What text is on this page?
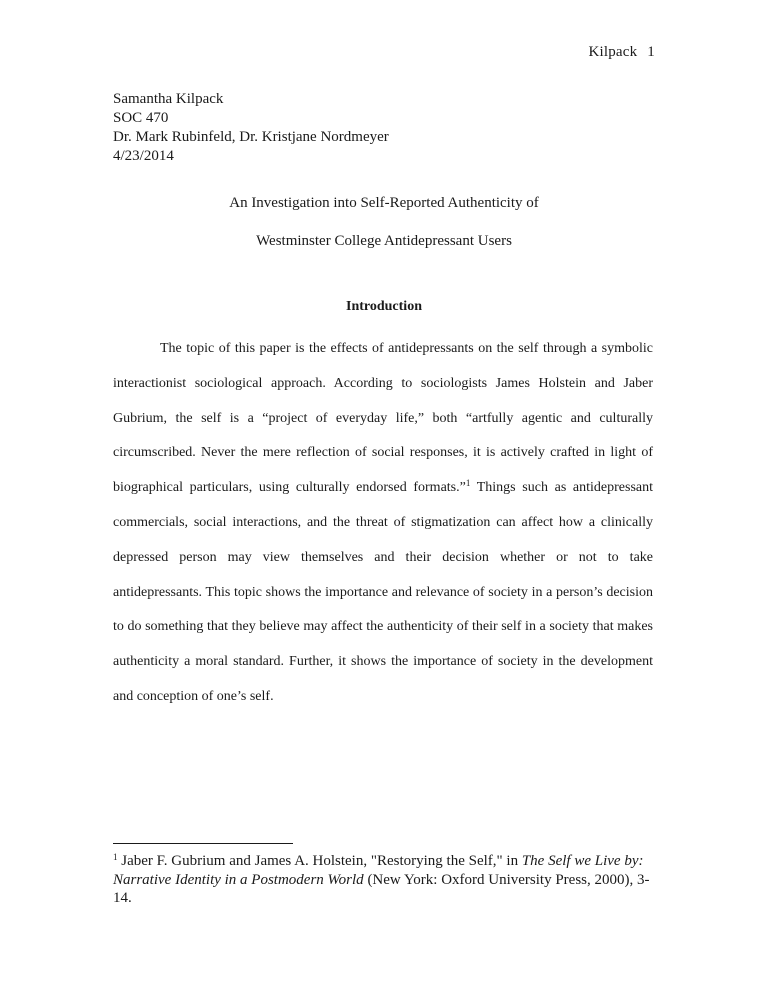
Kilpack 1
Samantha Kilpack
SOC 470
Dr. Mark Rubinfeld, Dr. Kristjane Nordmeyer
4/23/2014
An Investigation into Self-Reported Authenticity of
Westminster College Antidepressant Users
Introduction

The topic of this paper is the effects of antidepressants on the self through a symbolic interactionist sociological approach. According to sociologists James Holstein and Jaber Gubrium, the self is a “project of everyday life,” both “artfully agentic and culturally circumscribed. Never the mere reflection of social responses, it is actively crafted in light of biographical particulars, using culturally endorsed formats.”$^1$ Things such as antidepressant commercials, social interactions, and the threat of stigmatization can affect how a clinically depressed person may view themselves and their decision whether or not to take antidepressants. This topic shows the importance and relevance of society in a person’s decision to do something that they believe may affect the authenticity of their self in a society that makes authenticity a moral standard. Further, it shows the importance of society in the development and conception of one’s self.

$^1$ Jaber F. Gubrium and James A. Holstein, "Restorying the Self," in The Self we Live by: Narrative Identity in a Postmodern World (New York: Oxford University Press, 2000), 3-14.
